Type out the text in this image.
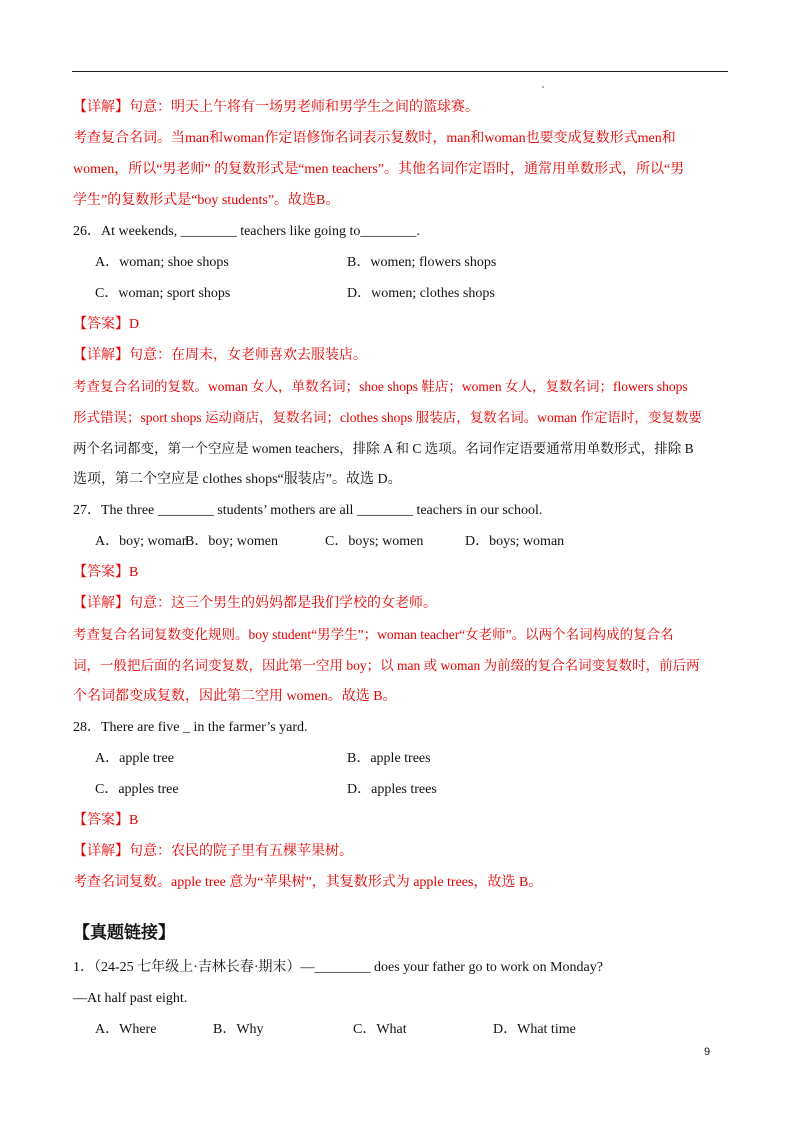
【详解】句意：明天上午将有一场男老师和男学生之间的篮球赛。
考查复合名词。当man和woman作定语修饰名词表示复数时，man和woman也要变成复数形式men和
women，所以“男老师” 的复数形式是“men teachers”。其他名词作定语时，通常用单数形式，所以“男
学生”的复数形式是“boy students”。故选B。
26．At weekends, ________ teachers like going to________.
A．woman; shoe shops	B．women; flowers shops
C．woman; sport shops	D．women; clothes shops
【答案】D
【详解】句意：在周末，女老师喜欢去服装店。
考查复合名词的复数。woman 女人，单数名词；shoe shops 鞋店；women 女人，复数名词；flowers shops
形式错误；sport shops 运动商店，复数名词；clothes shops 服装店，复数名词。woman 作定语时，变复数要
两个名词都变，第一个空应是 women teachers，排除 A 和 C 选项。名词作定语要通常用单数形式，排除 B
选项，第二个空应是 clothes shops“服装店”。故选 D。
27．The three ________ students’ mothers are all ________ teachers in our school.
A．boy; woman
B．boy; women	C．boys; women	D．boys; woman
【答案】B
【详解】句意：这三个男生的妈妈都是我们学校的女老师。
考查复合名词复数变化规则。boy student“男学生”；woman teacher“女老师”。以两个名词构成的复合名
词，一般把后面的名词变复数，因此第一空用 boy；以 man 或 woman 为前缀的复合名词变复数时，前后两
个名词都变成复数，因此第二空用 women。故选 B。
28．There are five _ in the farmer’s yard.
A．apple tree	B．apple trees
C．apples tree	D．apples trees
【答案】B
【详解】句意：农民的院子里有五棵苹果树。
考查名词复数。apple tree 意为“苹果树”，其复数形式为 apple trees，故选 B。
【真题链接】
1．（24-25 七年级上·吉林长春·期末）—________ does your father go to work on Monday?
—At half past eight.
A．Where	B．Why	C．What	D．What time
9
